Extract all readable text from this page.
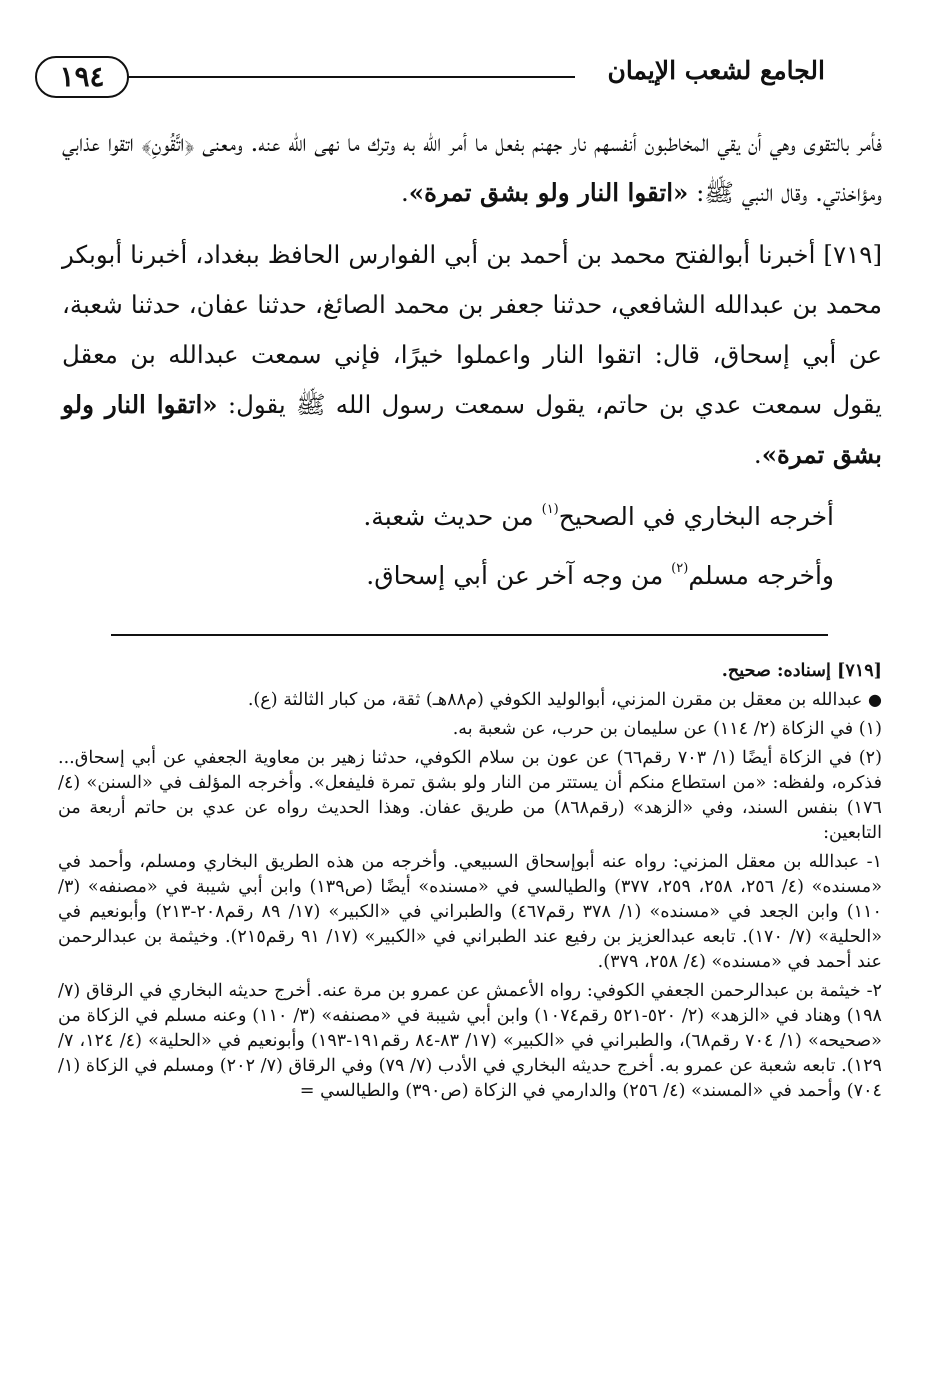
١٩٤	الجامع لشعب الإيمان

فأمر بالتقوى وهي أن يقي المخاطبون أنفسهم نار جهنم بفعل ما أمر الله به وترك ما نهى الله عنه. ومعنى ﴿اتَّقُونِ﴾ اتقوا عذابي ومؤاخذتي. وقال النبي ﷺ: «اتقوا النار ولو بشق تمرة».

[٧١٩] أخبرنا أبوالفتح محمد بن أحمد بن أبي الفوارس الحافظ ببغداد، أخبرنا أبوبكر محمد بن عبدالله الشافعي، حدثنا جعفر بن محمد الصائغ، حدثنا عفان، حدثنا شعبة، عن أبي إسحاق، قال: اتقوا النار واعملوا خيرًا، فإني سمعت عبدالله بن معقل يقول سمعت عدي بن حاتم، يقول سمعت رسول الله ﷺ يقول: «اتقوا النار ولو بشق تمرة».

أخرجه البخاري في الصحيح$^{(١)}$ من حديث شعبة.
وأخرجه مسلم$^{(٢)}$ من وجه آخر عن أبي إسحاق.

[٧١٩] إسناده: صحيح.

● عبدالله بن معقل بن مقرن المزني، أبوالوليد الكوفي (م٨٨هـ) ثقة، من كبار الثالثة (ع).

(١) في الزكاة (٢/ ١١٤) عن سليمان بن حرب، عن شعبة به.

(٢) في الزكاة أيضًا (١/ ٧٠٣ رقم٦٦) عن عون بن سلام الكوفي، حدثنا زهير بن معاوية الجعفي عن أبي إسحاق... فذكره، ولفظه: «من استطاع منكم أن يستتر من النار ولو بشق تمرة فليفعل». وأخرجه المؤلف في «السنن» (٤/ ١٧٦) بنفس السند، وفي «الزهد» (رقم٨٦٨) من طريق عفان. وهذا الحديث رواه عن عدي بن حاتم أربعة من التابعين:

١- عبدالله بن معقل المزني: رواه عنه أبوإسحاق السبيعي. وأخرجه من هذه الطريق البخاري ومسلم، وأحمد في «مسنده» (٤/ ٢٥٦، ٢٥٨، ٢٥٩، ٣٧٧) والطيالسي في «مسنده» أيضًا (ص١٣٩) وابن أبي شيبة في «مصنفه» (٣/ ١١٠) وابن الجعد في «مسنده» (١/ ٣٧٨ رقم٤٦٧) والطبراني في «الكبير» (١٧/ ٨٩ رقم٢٠٨-٢١٣) وأبونعيم في «الحلية» (٧/ ١٧٠). تابعه عبدالعزيز بن رفيع عند الطبراني في «الكبير» (١٧/ ٩١ رقم٢١٥). وخيثمة بن عبدالرحمن عند أحمد في «مسنده» (٤/ ٢٥٨، ٣٧٩).

٢- خيثمة بن عبدالرحمن الجعفي الكوفي: رواه الأعمش عن عمرو بن مرة عنه. أخرج حديثه البخاري في الرقاق (٧/ ١٩٨) وهناد في «الزهد» (٢/ ٥٢٠-٥٢١ رقم١٠٧٤) وابن أبي شيبة في «مصنفه» (٣/ ١١٠) وعنه مسلم في الزكاة من «صحيحه» (١/ ٧٠٤ رقم٦٨)، والطبراني في «الكبير» (١٧/ ٨٣-٨٤ رقم١٩١-١٩٣) وأبونعيم في «الحلية» (٤/ ١٢٤، ٧/ ١٢٩). تابعه شعبة عن عمرو به. أخرج حديثه البخاري في الأدب (٧/ ٧٩) وفي الرقاق (٧/ ٢٠٢) ومسلم في الزكاة (١/ ٧٠٤) وأحمد في «المسند» (٤/ ٢٥٦) والدارمي في الزكاة (ص٣٩٠) والطيالسي =
